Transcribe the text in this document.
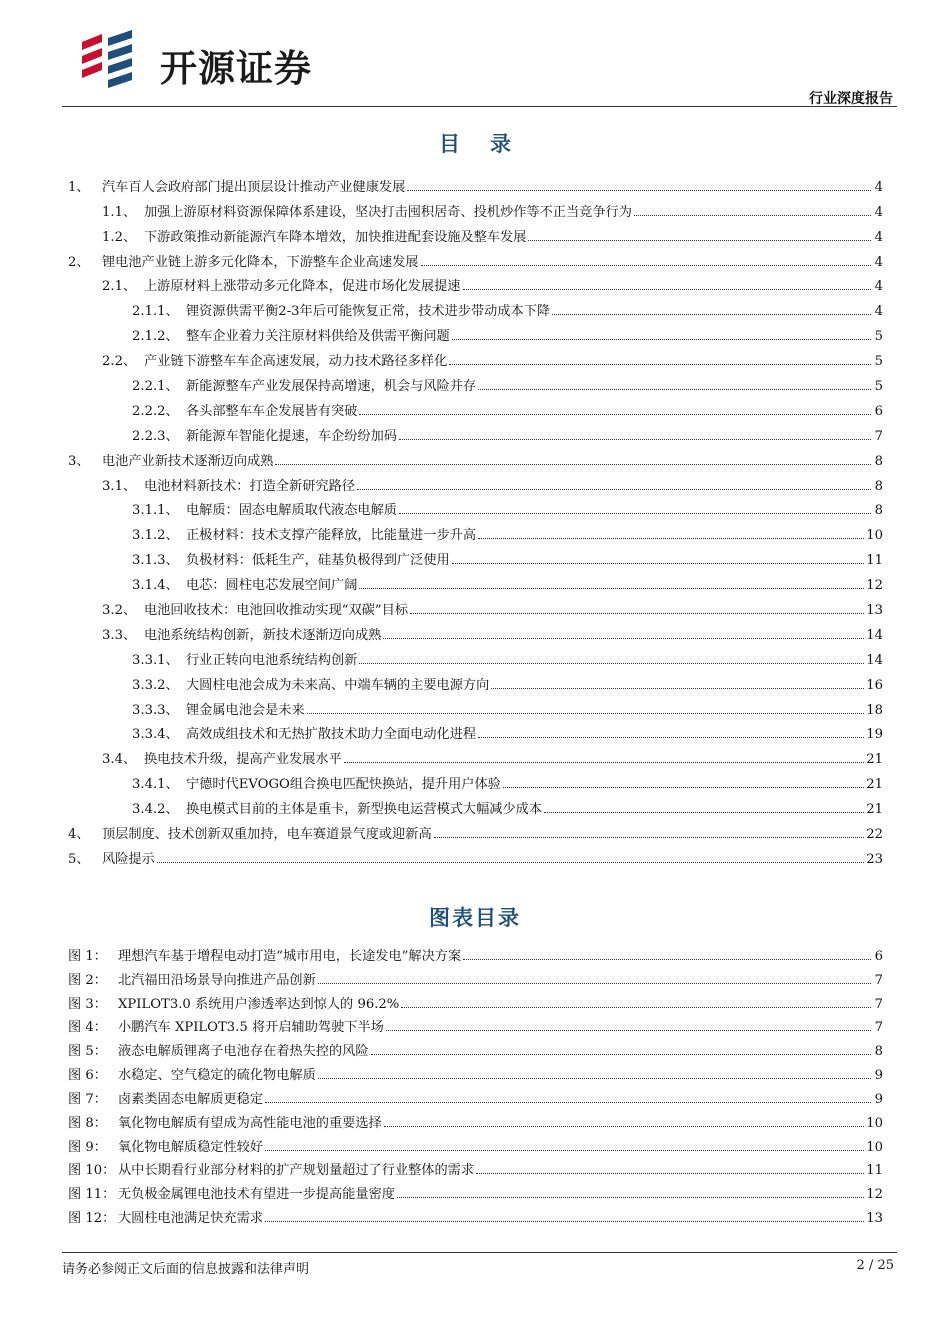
开源证券
行业深度报告
目录
1、 汽车百人会政府部门提出顶层设计推动产业健康发展	4
1.1、 加强上游原材料资源保障体系建设，坚决打击囤积居奇、投机炒作等不正当竞争行为	4
1.2、 下游政策推动新能源汽车降本增效，加快推进配套设施及整车发展	4
2、 锂电池产业链上游多元化降本，下游整车企业高速发展	4
2.1、 上游原材料上涨带动多元化降本，促进市场化发展提速	4
2.1.1、 锂资源供需平衡2-3年后可能恢复正常，技术进步带动成本下降	4
2.1.2、 整车企业着力关注原材料供给及供需平衡问题	5
2.2、 产业链下游整车车企高速发展，动力技术路径多样化	5
2.2.1、 新能源整车产业发展保持高增速，机会与风险并存	5
2.2.2、 各头部整车车企发展皆有突破	6
2.2.3、 新能源车智能化提速，车企纷纷加码	7
3、 电池产业新技术逐渐迈向成熟	8
3.1、 电池材料新技术：打造全新研究路径	8
3.1.1、 电解质：固态电解质取代液态电解质	8
3.1.2、 正极材料：技术支撑产能释放，比能量进一步升高	10
3.1.3、 负极材料：低耗生产，硅基负极得到广泛使用	11
3.1.4、 电芯：圆柱电芯发展空间广阔	12
3.2、 电池回收技术：电池回收推动实现“双碳”目标	13
3.3、 电池系统结构创新，新技术逐渐迈向成熟	14
3.3.1、 行业正转向电池系统结构创新	14
3.3.2、 大圆柱电池会成为未来高、中端车辆的主要电源方向	16
3.3.3、 锂金属电池会是未来	18
3.3.4、 高效成组技术和无热扩散技术助力全面电动化进程	19
3.4、 换电技术升级，提高产业发展水平	21
3.4.1、 宁德时代EVOGO组合换电匹配快换站，提升用户体验	21
3.4.2、 换电模式目前的主体是重卡，新型换电运营模式大幅减少成本	21
4、 顶层制度、技术创新双重加持，电车赛道景气度或迎新高	22
5、 风险提示	23
图表目录
图 1： 理想汽车基于增程电动打造“城市用电，长途发电”解决方案	6
图 2： 北汽福田沿场景导向推进产品创新	7
图 3： XPILOT3.0 系统用户渗透率达到惊人的 96.2%	7
图 4： 小鹏汽车 XPILOT3.5 将开启辅助驾驶下半场	7
图 5： 液态电解质锂离子电池存在着热失控的风险	8
图 6： 水稳定、空气稳定的硫化物电解质	9
图 7： 卤素类固态电解质更稳定	9
图 8： 氧化物电解质有望成为高性能电池的重要选择	10
图 9： 氧化物电解质稳定性较好	10
图 10： 从中长期看行业部分材料的扩产规划量超过了行业整体的需求	11
图 11： 无负极金属锂电池技术有望进一步提高能量密度	12
图 12： 大圆柱电池满足快充需求	13
请务必参阅正文后面的信息披露和法律声明	2 / 25
